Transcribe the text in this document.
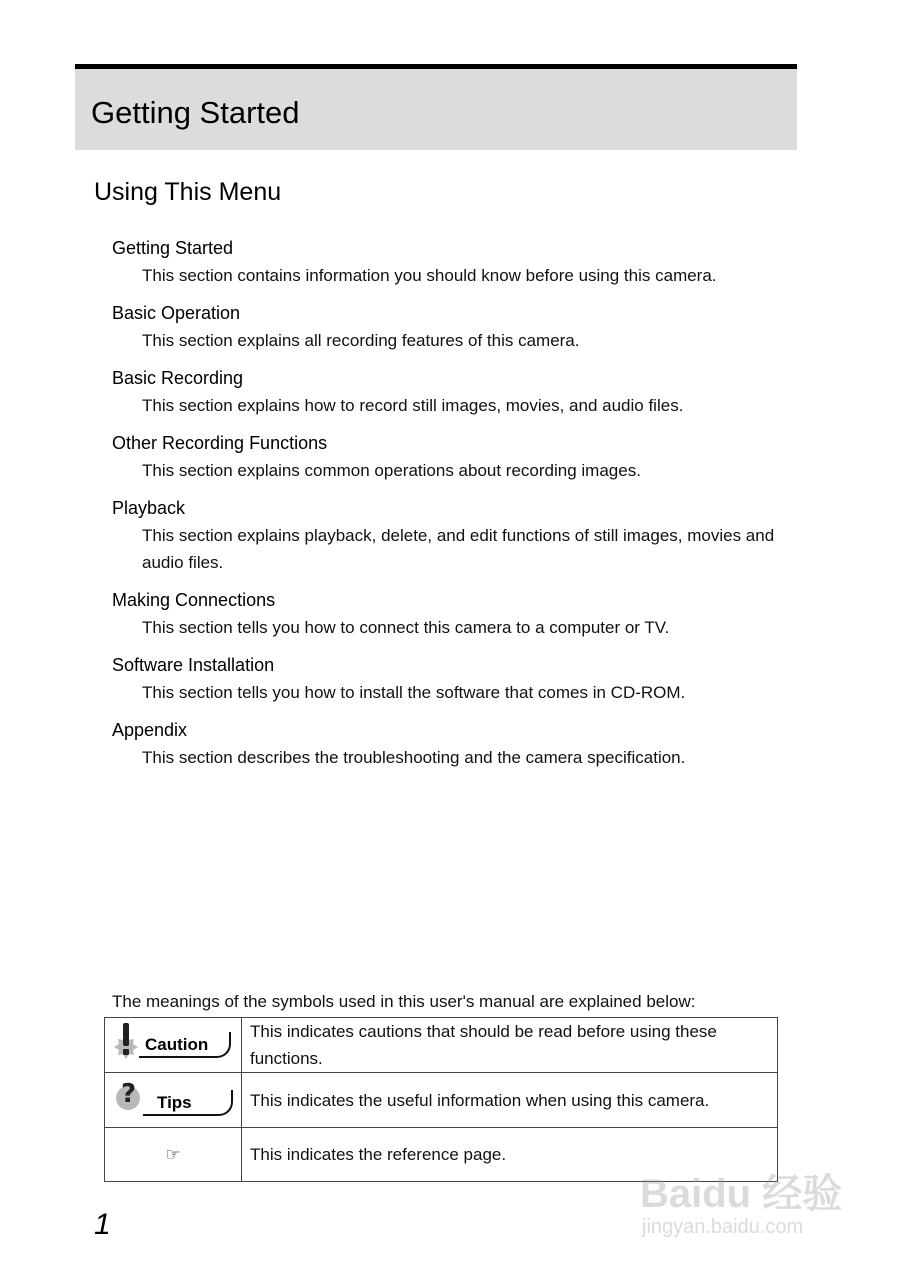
Getting Started
Using This Menu
Getting Started
This section contains information you should know before using this camera.
Basic Operation
This section explains all recording features of this camera.
Basic Recording
This section explains how to record still images, movies, and audio files.
Other Recording Functions
This section explains common operations about recording images.
Playback
This section explains playback, delete, and edit functions of still images, movies and audio files.
Making Connections
This section tells you how to connect this camera to a computer or TV.
Software Installation
This section tells you how to install the software that comes in CD-ROM.
Appendix
This section describes the troubleshooting and the camera specification.
The meanings of the symbols used in this user's manual are explained below:
Caution	This indicates cautions that should be read before using these functions.

? Tips	This indicates the useful information when using this camera.
☞	This indicates the reference page.
1
Baidu 经验
jingyan.baidu.com
